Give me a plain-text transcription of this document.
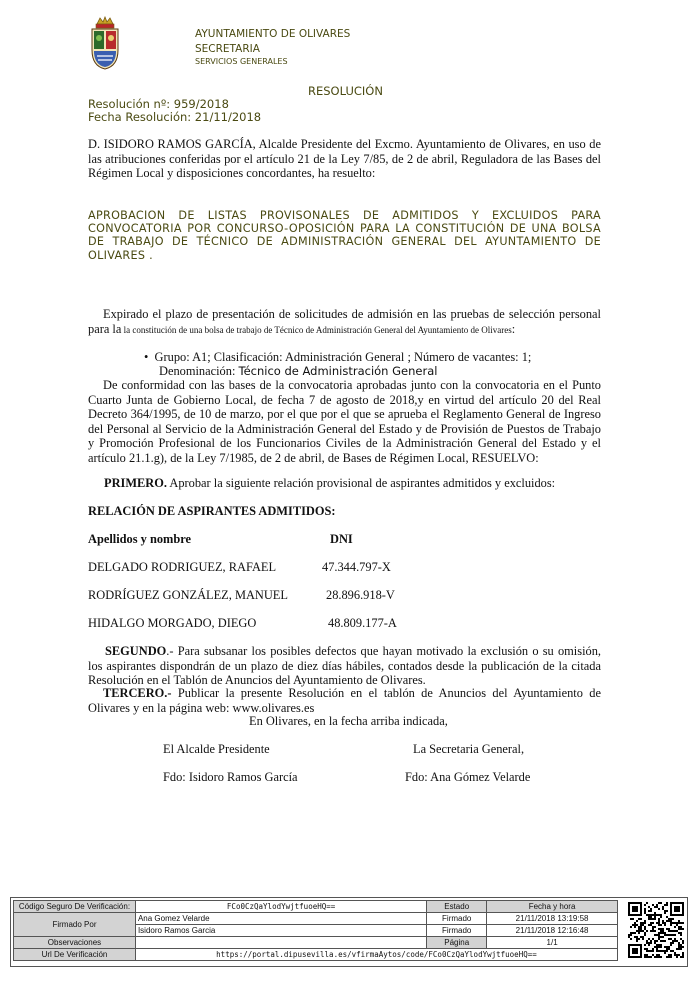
AYUNTAMIENTO DE OLIVARES
SECRETARIA
SERVICIOS GENERALES
RESOLUCIÓN
Resolución nº: 959/2018
Fecha Resolución: 21/11/2018

D. ISIDORO RAMOS GARCÍA, Alcalde Presidente del Excmo. Ayuntamiento de Olivares, en uso de las atribuciones conferidas por el artículo 21 de la Ley 7/85, de 2 de abril, Reguladora de las Bases del Régimen Local y disposiciones concordantes, ha resuelto:

APROBACION DE LISTAS PROVISONALES DE ADMITIDOS Y EXCLUIDOS PARA CONVOCATORIA POR CONCURSO-OPOSICIÓN PARA LA CONSTITUCIÓN DE UNA BOLSA DE TRABAJO DE TÉCNICO DE ADMINISTRACIÓN GENERAL DEL AYUNTAMIENTO DE OLIVARES .

Expirado el plazo de presentación de solicitudes de admisión en las pruebas de selección personal para la la constitución de una bolsa de trabajo de Técnico de Administración General del Ayuntamiento de Olivares:

•  Grupo: A1; Clasificación: Administración General ; Número de vacantes: 1;
Denominación: Técnico de Administración General

De conformidad con las bases de la convocatoria aprobadas junto con la convocatoria en el Punto Cuarto Junta de Gobierno Local, de fecha 7 de agosto de 2018,y en virtud del artículo 20 del Real Decreto 364/1995, de 10 de marzo, por el que por el que se aprueba el Reglamento General de Ingreso del Personal al Servicio de la Administración General del Estado y de Provisión de Puestos de Trabajo y Promoción Profesional de los Funcionarios Civiles de la Administración General del Estado y el artículo 21.1.g), de la Ley 7/1985, de 2 de abril, de Bases de Régimen Local, RESUELVO:

PRIMERO. Aprobar la siguiente relación provisional de aspirantes admitidos y excluidos:

RELACIÓN DE ASPIRANTES ADMITIDOS:
Apellidos y nombre	DNI
DELGADO RODRIGUEZ, RAFAEL	47.344.797-X
RODRÍGUEZ GONZÁLEZ, MANUEL	28.896.918-V
HIDALGO MORGADO, DIEGO	48.809.177-A

SEGUNDO.- Para subsanar los posibles defectos que hayan motivado la exclusión o su omisión, los aspirantes dispondrán de un plazo de diez días hábiles, contados desde la publicación de la citada Resolución en el Tablón de Anuncios del Ayuntamiento de Olivares.

TERCERO.- Publicar la presente Resolución en el tablón de Anuncios del Ayuntamiento de Olivares y en la página web: www.olivares.es

En Olivares, en la fecha arriba indicada,
El Alcalde Presidente	La Secretaria General,
Fdo: Isidoro Ramos García	Fdo: Ana Gómez Velarde
Código Seguro De Verificación:	FCo0CzQaYlodYwjtfuoeHQ==	Estado	Fecha y hora
Firmado Por	Ana Gomez Velarde	Firmado	21/11/2018 13:19:58
	Isidoro Ramos Garcia	Firmado	21/11/2018 12:16:48
Observaciones		Página	1/1
Url De Verificación	https://portal.dipusevilla.es/vfirmaAytos/code/FCo0CzQaYlodYwjtfuoeHQ==		
